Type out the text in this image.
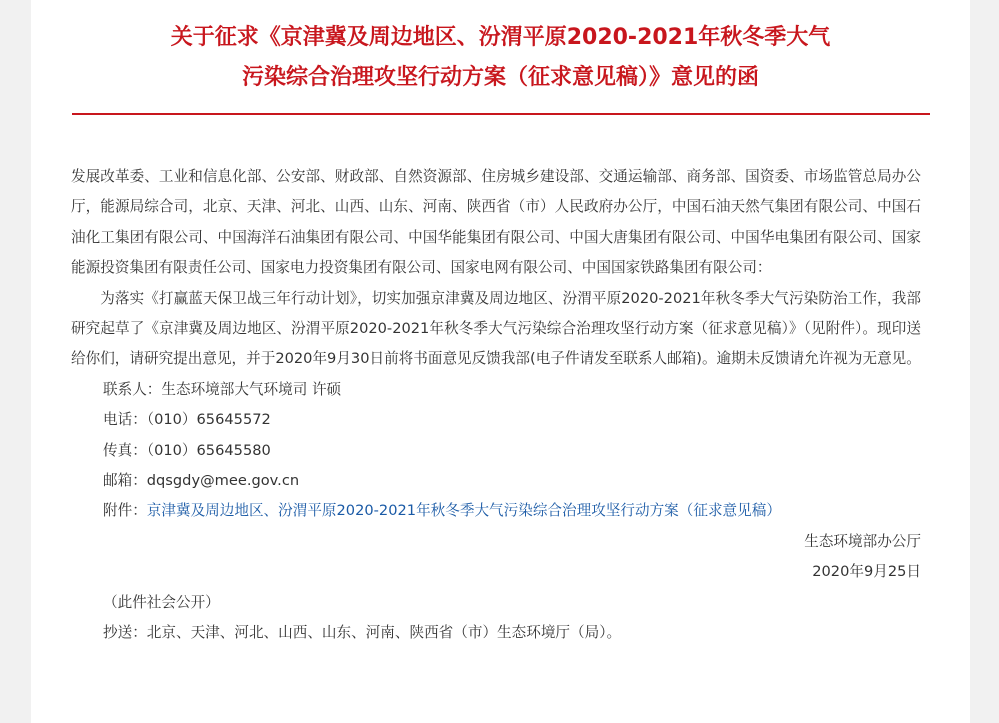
关于征求《京津冀及周边地区、汾渭平原2020-2021年秋冬季大气
污染综合治理攻坚行动方案（征求意见稿）》意见的函

发展改革委、工业和信息化部、公安部、财政部、自然资源部、住房城乡建设部、交通运输部、商务部、国资委、市场监管总局办公厅，能源局综合司，北京、天津、河北、山西、山东、河南、陕西省（市）人民政府办公厅，中国石油天然气集团有限公司、中国石油化工集团有限公司、中国海洋石油集团有限公司、中国华能集团有限公司、中国大唐集团有限公司、中国华电集团有限公司、国家能源投资集团有限责任公司、国家电力投资集团有限公司、国家电网有限公司、中国国家铁路集团有限公司：

为落实《打赢蓝天保卫战三年行动计划》，切实加强京津冀及周边地区、汾渭平原2020-2021年秋冬季大气污染防治工作，我部研究起草了《京津冀及周边地区、汾渭平原2020-2021年秋冬季大气污染综合治理攻坚行动方案（征求意见稿）》（见附件）。现印送给你们，请研究提出意见，并于2020年9月30日前将书面意见反馈我部(电子件请发至联系人邮箱)。逾期未反馈请允许视为无意见。

联系人：生态环境部大气环境司 许硕

电话：（010）65645572

传真：（010）65645580

邮箱：dqsgdy@mee.gov.cn

附件：京津冀及周边地区、汾渭平原2020-2021年秋冬季大气污染综合治理攻坚行动方案（征求意见稿）

生态环境部办公厅

2020年9月25日

（此件社会公开）

抄送：北京、天津、河北、山西、山东、河南、陕西省（市）生态环境厅（局）。
